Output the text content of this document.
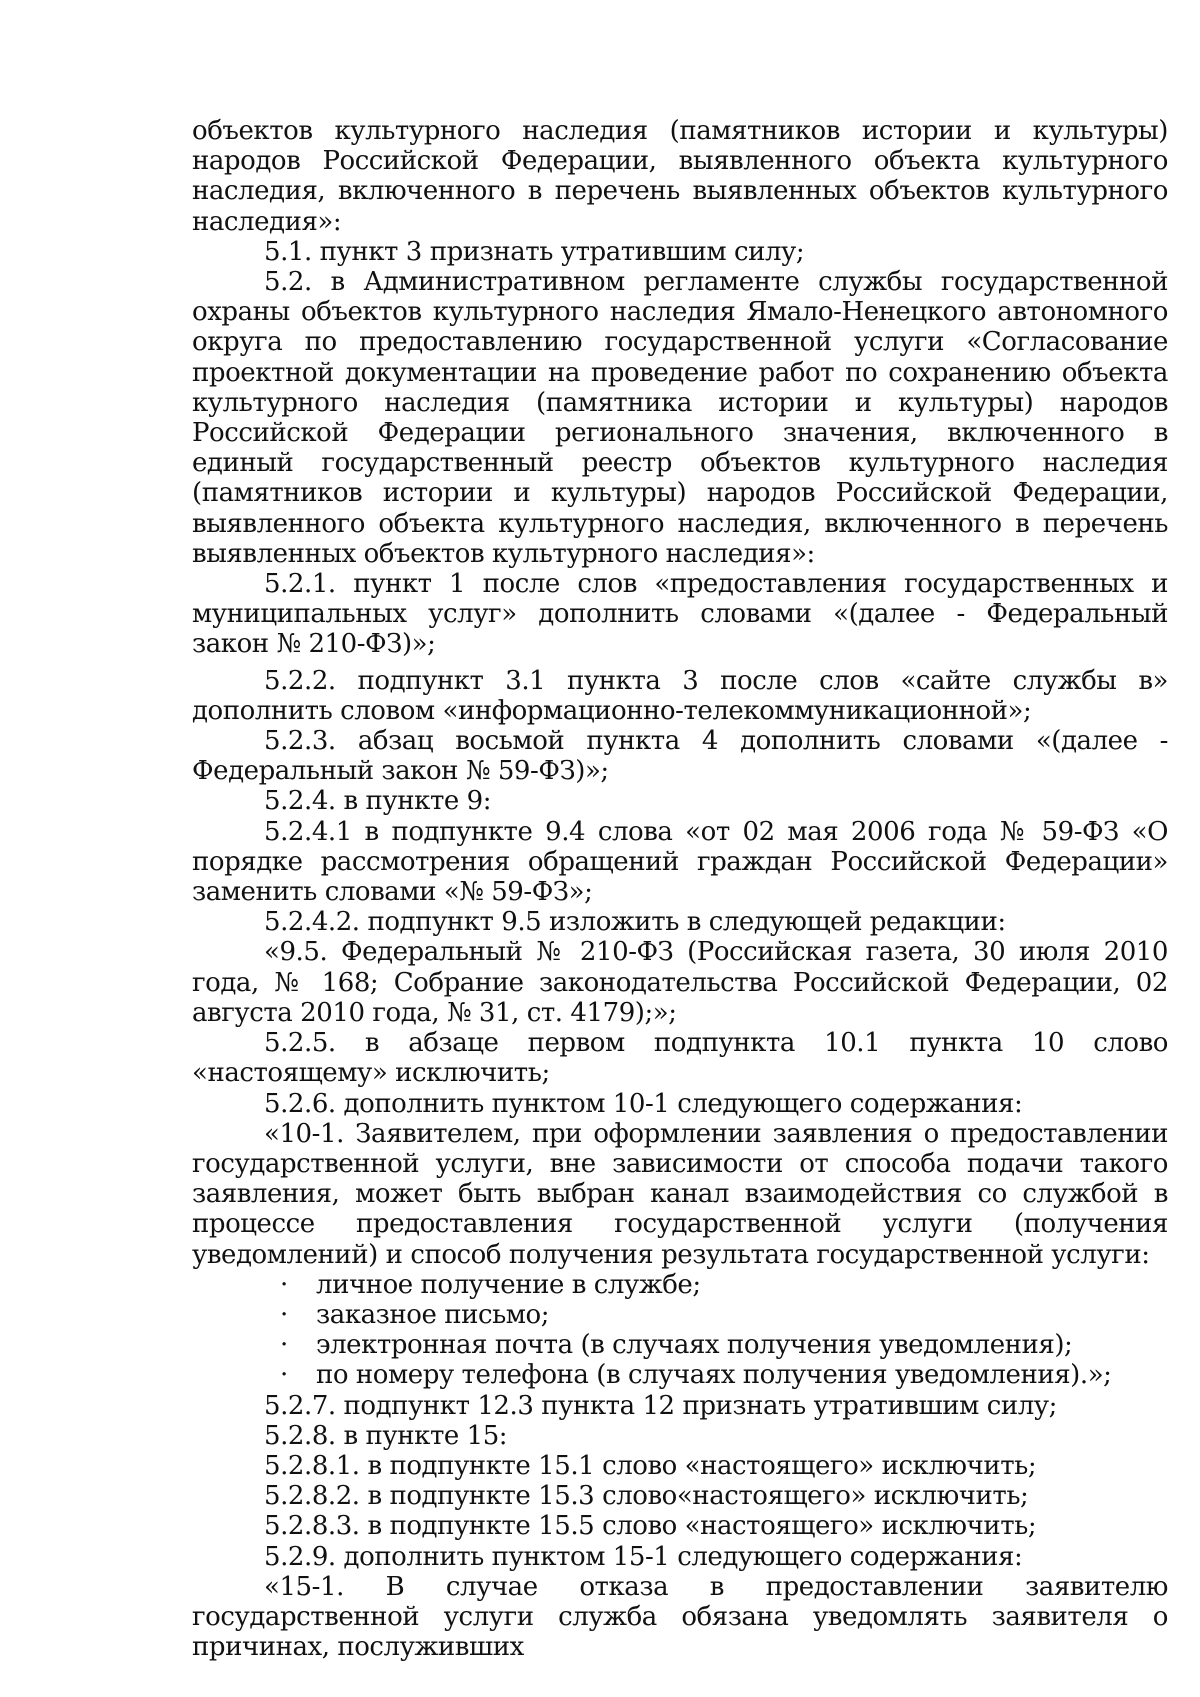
объектов культурного наследия (памятников истории и культуры) народов Российской Федерации, выявленного объекта культурного наследия, включенного в перечень выявленных объектов культурного наследия»:

5.1. пункт 3 признать утратившим силу;

5.2. в Административном регламенте службы государственной охраны объектов культурного наследия Ямало-Ненецкого автономного округа по предоставлению государственной услуги «Согласование проектной документации на проведение работ по сохранению объекта культурного наследия (памятника истории и культуры) народов Российской Федерации регионального значения, включенного в единый государственный реестр объектов культурного наследия (памятников истории и культуры) народов Российской Федерации, выявленного объекта культурного наследия, включенного в перечень выявленных объектов культурного наследия»:

5.2.1. пункт 1 после слов «предоставления государственных и муниципальных услуг» дополнить словами «(далее - Федеральный закон № 210-ФЗ)»;

5.2.2. подпункт 3.1 пункта 3 после слов «сайте службы в» дополнить словом «информационно-телекоммуникационной»;

5.2.3. абзац восьмой пункта 4 дополнить словами «(далее - Федеральный закон № 59-ФЗ)»;

5.2.4. в пункте 9:

5.2.4.1 в подпункте 9.4 слова «от 02 мая 2006 года № 59-ФЗ «О порядке рассмотрения обращений граждан Российской Федерации» заменить словами «№ 59-ФЗ»;

5.2.4.2. подпункт 9.5 изложить в следующей редакции:

«9.5. Федеральный № 210-ФЗ (Российская газета, 30 июля 2010 года, № 168; Собрание законодательства Российской Федерации, 02 августа 2010 года, № 31, ст. 4179);»;

5.2.5. в абзаце первом подпункта 10.1 пункта 10 слово «настоящему» исключить;

5.2.6. дополнить пунктом 10-1 следующего содержания:

«10-1. Заявителем, при оформлении заявления о предоставлении государственной услуги, вне зависимости от способа подачи такого заявления, может быть выбран канал взаимодействия со службой в процессе предоставления государственной услуги (получения уведомлений) и способ получения результата государственной услуги:

· личное получение в службе;
· заказное письмо;
· электронная почта (в случаях получения уведомления);
· по номеру телефона (в случаях получения уведомления).»;

5.2.7. подпункт 12.3 пункта 12 признать утратившим силу;

5.2.8. в пункте 15:

5.2.8.1. в подпункте 15.1 слово «настоящего» исключить;

5.2.8.2. в подпункте 15.3 слово«настоящего» исключить;

5.2.8.3. в подпункте 15.5 слово «настоящего» исключить;

5.2.9. дополнить пунктом 15-1 следующего содержания:

«15-1. В случае отказа в предоставлении заявителю государственной услуги служба обязана уведомлять заявителя о причинах, послуживших
